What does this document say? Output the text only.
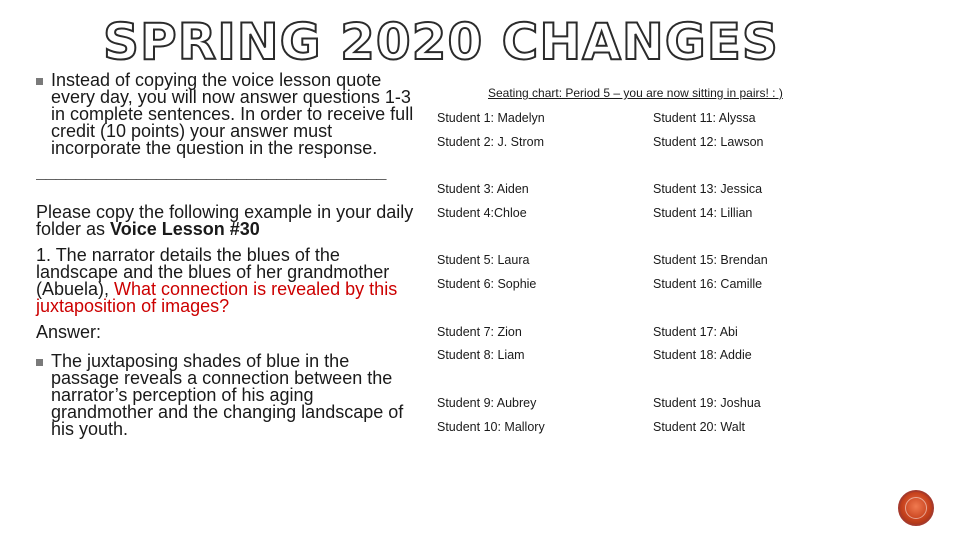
SPRING 2020 CHANGES
Instead of copying the voice lesson quote every day, you will now answer questions 1-3 in complete sentences. In order to receive full credit (10 points) your answer must incorporate the question in the response.
___________________________________
Please copy the following example in your daily folder as Voice Lesson #30
1. The narrator details the blues of the landscape and the blues of her grandmother (Abuela), What connection is revealed by this juxtaposition of images?
Answer:
The juxtaposing shades of blue in the passage reveals a connection between the narrator’s perception of his aging grandmother and the changing landscape of his youth.
Seating chart: Period 5 – you are now sitting in pairs! : )
Student 1: Madelyn	Student 11: Alyssa
Student 2: J. Strom	Student 12: Lawson
Student 3: Aiden	Student 13: Jessica
Student 4:Chloe	Student 14: Lillian
Student 5: Laura	Student 15: Brendan
Student 6: Sophie	Student 16: Camille
Student 7: Zion	Student 17: Abi
Student 8: Liam	Student 18: Addie
Student 9: Aubrey	Student 19: Joshua
Student 10: Mallory	Student 20: Walt
